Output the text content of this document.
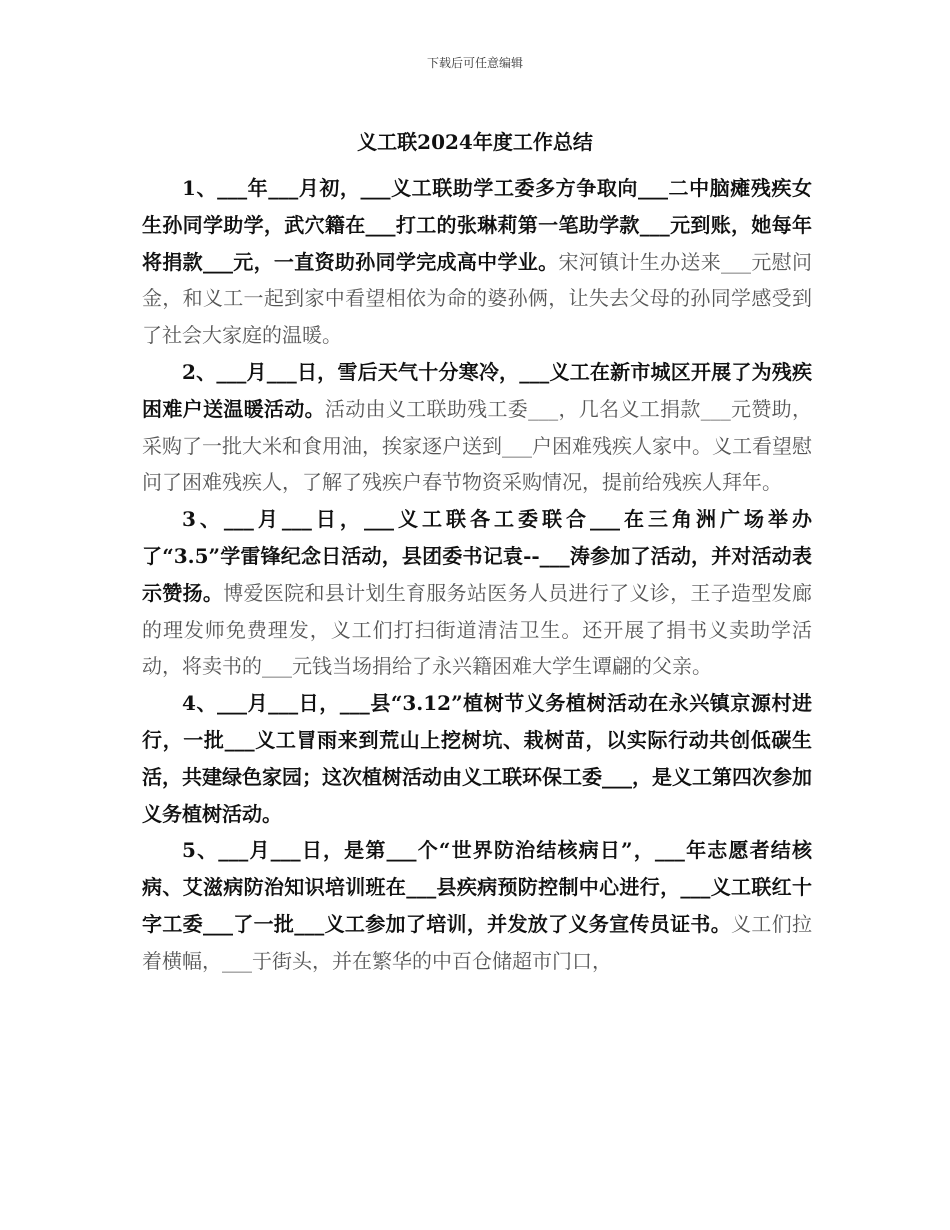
下载后可任意编辑
义工联2024年度工作总结

1、___年___月初，___义工联助学工委多方争取向___二中脑瘫残疾女生孙同学助学，武穴籍在___打工的张琳莉第一笔助学款___元到账，她每年将捐款___元，一直资助孙同学完成高中学业。宋河镇计生办送来___元慰问金，和义工一起到家中看望相依为命的婆孙俩，让失去父母的孙同学感受到了社会大家庭的温暖。

2、___月___日，雪后天气十分寒冷，___义工在新市城区开展了为残疾困难户送温暖活动。活动由义工联助残工委___，几名义工捐款___元赞助，采购了一批大米和食用油，挨家逐户送到___户困难残疾人家中。义工看望慰问了困难残疾人，了解了残疾户春节物资采购情况，提前给残疾人拜年。

3、___月___日，___义工联各工委联合___在三角洲广场举办了“3.5”学雷锋纪念日活动，县团委书记袁--___涛参加了活动，并对活动表示赞扬。博爱医院和县计划生育服务站医务人员进行了义诊，王子造型发廊的理发师免费理发，义工们打扫街道清洁卫生。还开展了捐书义卖助学活动，将卖书的___元钱当场捐给了永兴籍困难大学生谭翩的父亲。

4、___月___日，___县“3.12”植树节义务植树活动在永兴镇京源村进行，一批___义工冒雨来到荒山上挖树坑、栽树苗，以实际行动共创低碳生活，共建绿色家园；这次植树活动由义工联环保工委___，是义工第四次参加义务植树活动。

5、___月___日，是第___个“世界防治结核病日”，___年志愿者结核病、艾滋病防治知识培训班在___县疾病预防控制中心进行，___义工联红十字工委___了一批___义工参加了培训，并发放了义务宣传员证书。义工们拉着横幅，___于街头，并在繁华的中百仓储超市门口，
